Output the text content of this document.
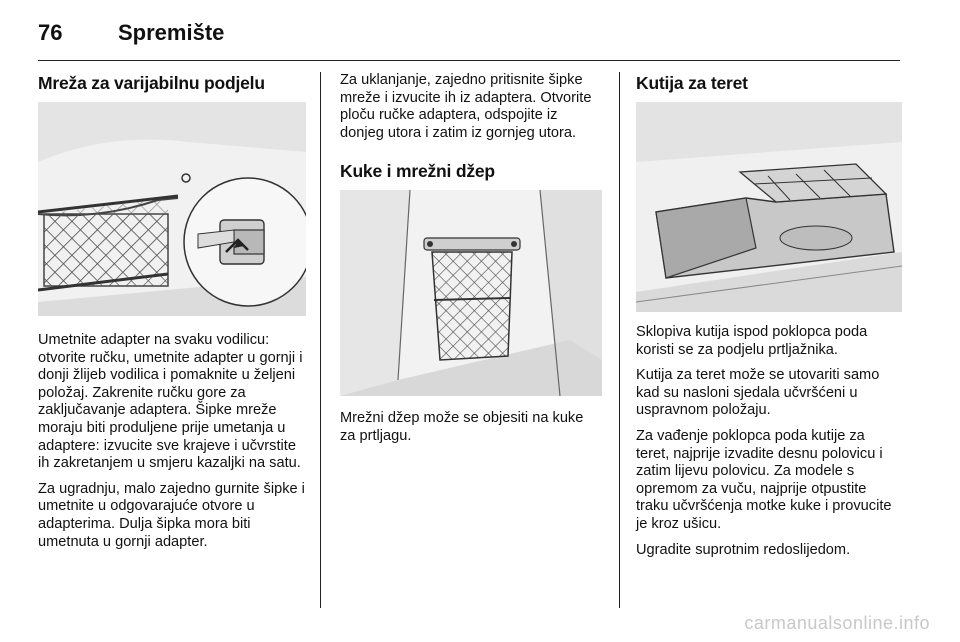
76	Spremište
Mreža za varijabilnu podjelu

Umetnite adapter na svaku vodilicu: otvorite ručku, umetnite adapter u gornji i donji žlijeb vodilica i pomaknite u željeni položaj. Zakrenite ručku gore za zaključavanje adaptera. Šipke mreže moraju biti produljene prije umetanja u adaptere: izvucite sve krajeve i učvrstite ih zakretanjem u smjeru kazaljki na satu.

Za ugradnju, malo zajedno gurnite šipke i umetnite u odgovarajuće otvore u adapterima. Dulja šipka mora biti umetnuta u gornji adapter.

Za uklanjanje, zajedno pritisnite šipke mreže i izvucite ih iz adaptera. Otvorite ploču ručke adaptera, odspojite iz donjeg utora i zatim iz gornjeg utora.

Kuke i mrežni džep

Mrežni džep može se objesiti na kuke za prtljagu.

Kutija za teret

Sklopiva kutija ispod poklopca poda koristi se za podjelu prtljažnika.

Kutija za teret može se utovariti samo kad su nasloni sjedala učvršćeni u uspravnom položaju.

Za vađenje poklopca poda kutije za teret, najprije izvadite desnu polovicu i zatim lijevu polovicu. Za modele s opremom za vuču, najprije otpustite traku učvršćenja motke kuke i provucite je kroz ušicu.

Ugradite suprotnim redoslijedom.

carmanualsonline.info
